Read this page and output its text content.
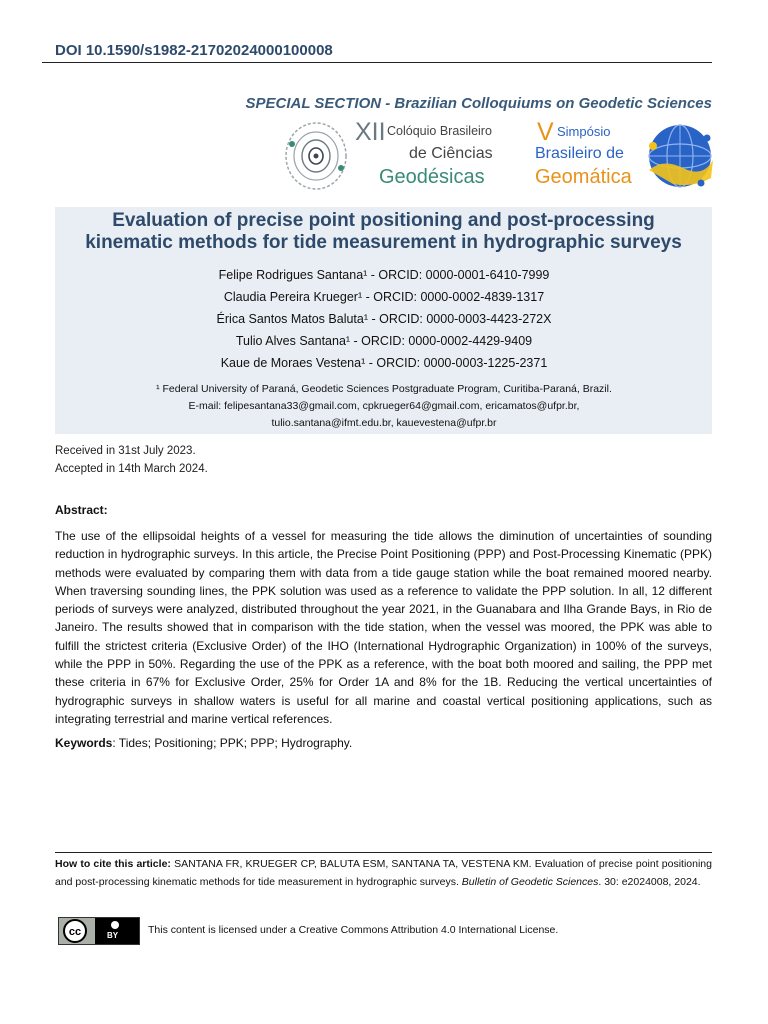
DOI 10.1590/s1982-21702024000100008
SPECIAL SECTION - Brazilian Colloquiums on Geodetic Sciences
XII Colóquio Brasileiro
de Ciências
Geodésicas
V Simpósio
Brasileiro de
Geomática
Evaluation of precise point positioning and post-processing
kinematic methods for tide measurement in hydrographic surveys
Felipe Rodrigues Santana¹ - ORCID: 0000-0001-6410-7999
Claudia Pereira Krueger¹ - ORCID: 0000-0002-4839-1317
Érica Santos Matos Baluta¹ - ORCID: 0000-0003-4423-272X
Tulio Alves Santana¹ - ORCID: 0000-0002-4429-9409
Kaue de Moraes Vestena¹ - ORCID: 0000-0003-1225-2371
¹ Federal University of Paraná, Geodetic Sciences Postgraduate Program, Curitiba-Paraná, Brazil.
E-mail: felipesantana33@gmail.com, cpkrueger64@gmail.com, ericamatos@ufpr.br,
tulio.santana@ifmt.edu.br, kauevestena@ufpr.br
Received in 31st July 2023.
Accepted in 14th March 2024.
Abstract:
The use of the ellipsoidal heights of a vessel for measuring the tide allows the diminution of uncertainties of sounding reduction in hydrographic surveys. In this article, the Precise Point Positioning (PPP) and Post-Processing Kinematic (PPK) methods were evaluated by comparing them with data from a tide gauge station while the boat remained moored nearby. When traversing sounding lines, the PPK solution was used as a reference to validate the PPP solution. In all, 12 different periods of surveys were analyzed, distributed throughout the year 2021, in the Guanabara and Ilha Grande Bays, in Rio de Janeiro. The results showed that in comparison with the tide station, when the vessel was moored, the PPK was able to fulfill the strictest criteria (Exclusive Order) of the IHO (International Hydrographic Organization) in 100% of the surveys, while the PPP in 50%. Regarding the use of the PPK as a reference, with the boat both moored and sailing, the PPP met these criteria in 67% for Exclusive Order, 25% for Order 1A and 8% for the 1B. Reducing the vertical uncertainties of hydrographic surveys in shallow waters is useful for all marine and coastal vertical positioning applications, such as integrating terrestrial and marine vertical references.
Keywords: Tides; Positioning; PPK; PPP; Hydrography.
How to cite this article: SANTANA FR, KRUEGER CP, BALUTA ESM, SANTANA TA, VESTENA KM. Evaluation of precise point positioning and post-processing kinematic methods for tide measurement in hydrographic surveys. Bulletin of Geodetic Sciences. 30: e2024008, 2024.
cc	BY	This content is licensed under a Creative Commons Attribution 4.0 International License.
